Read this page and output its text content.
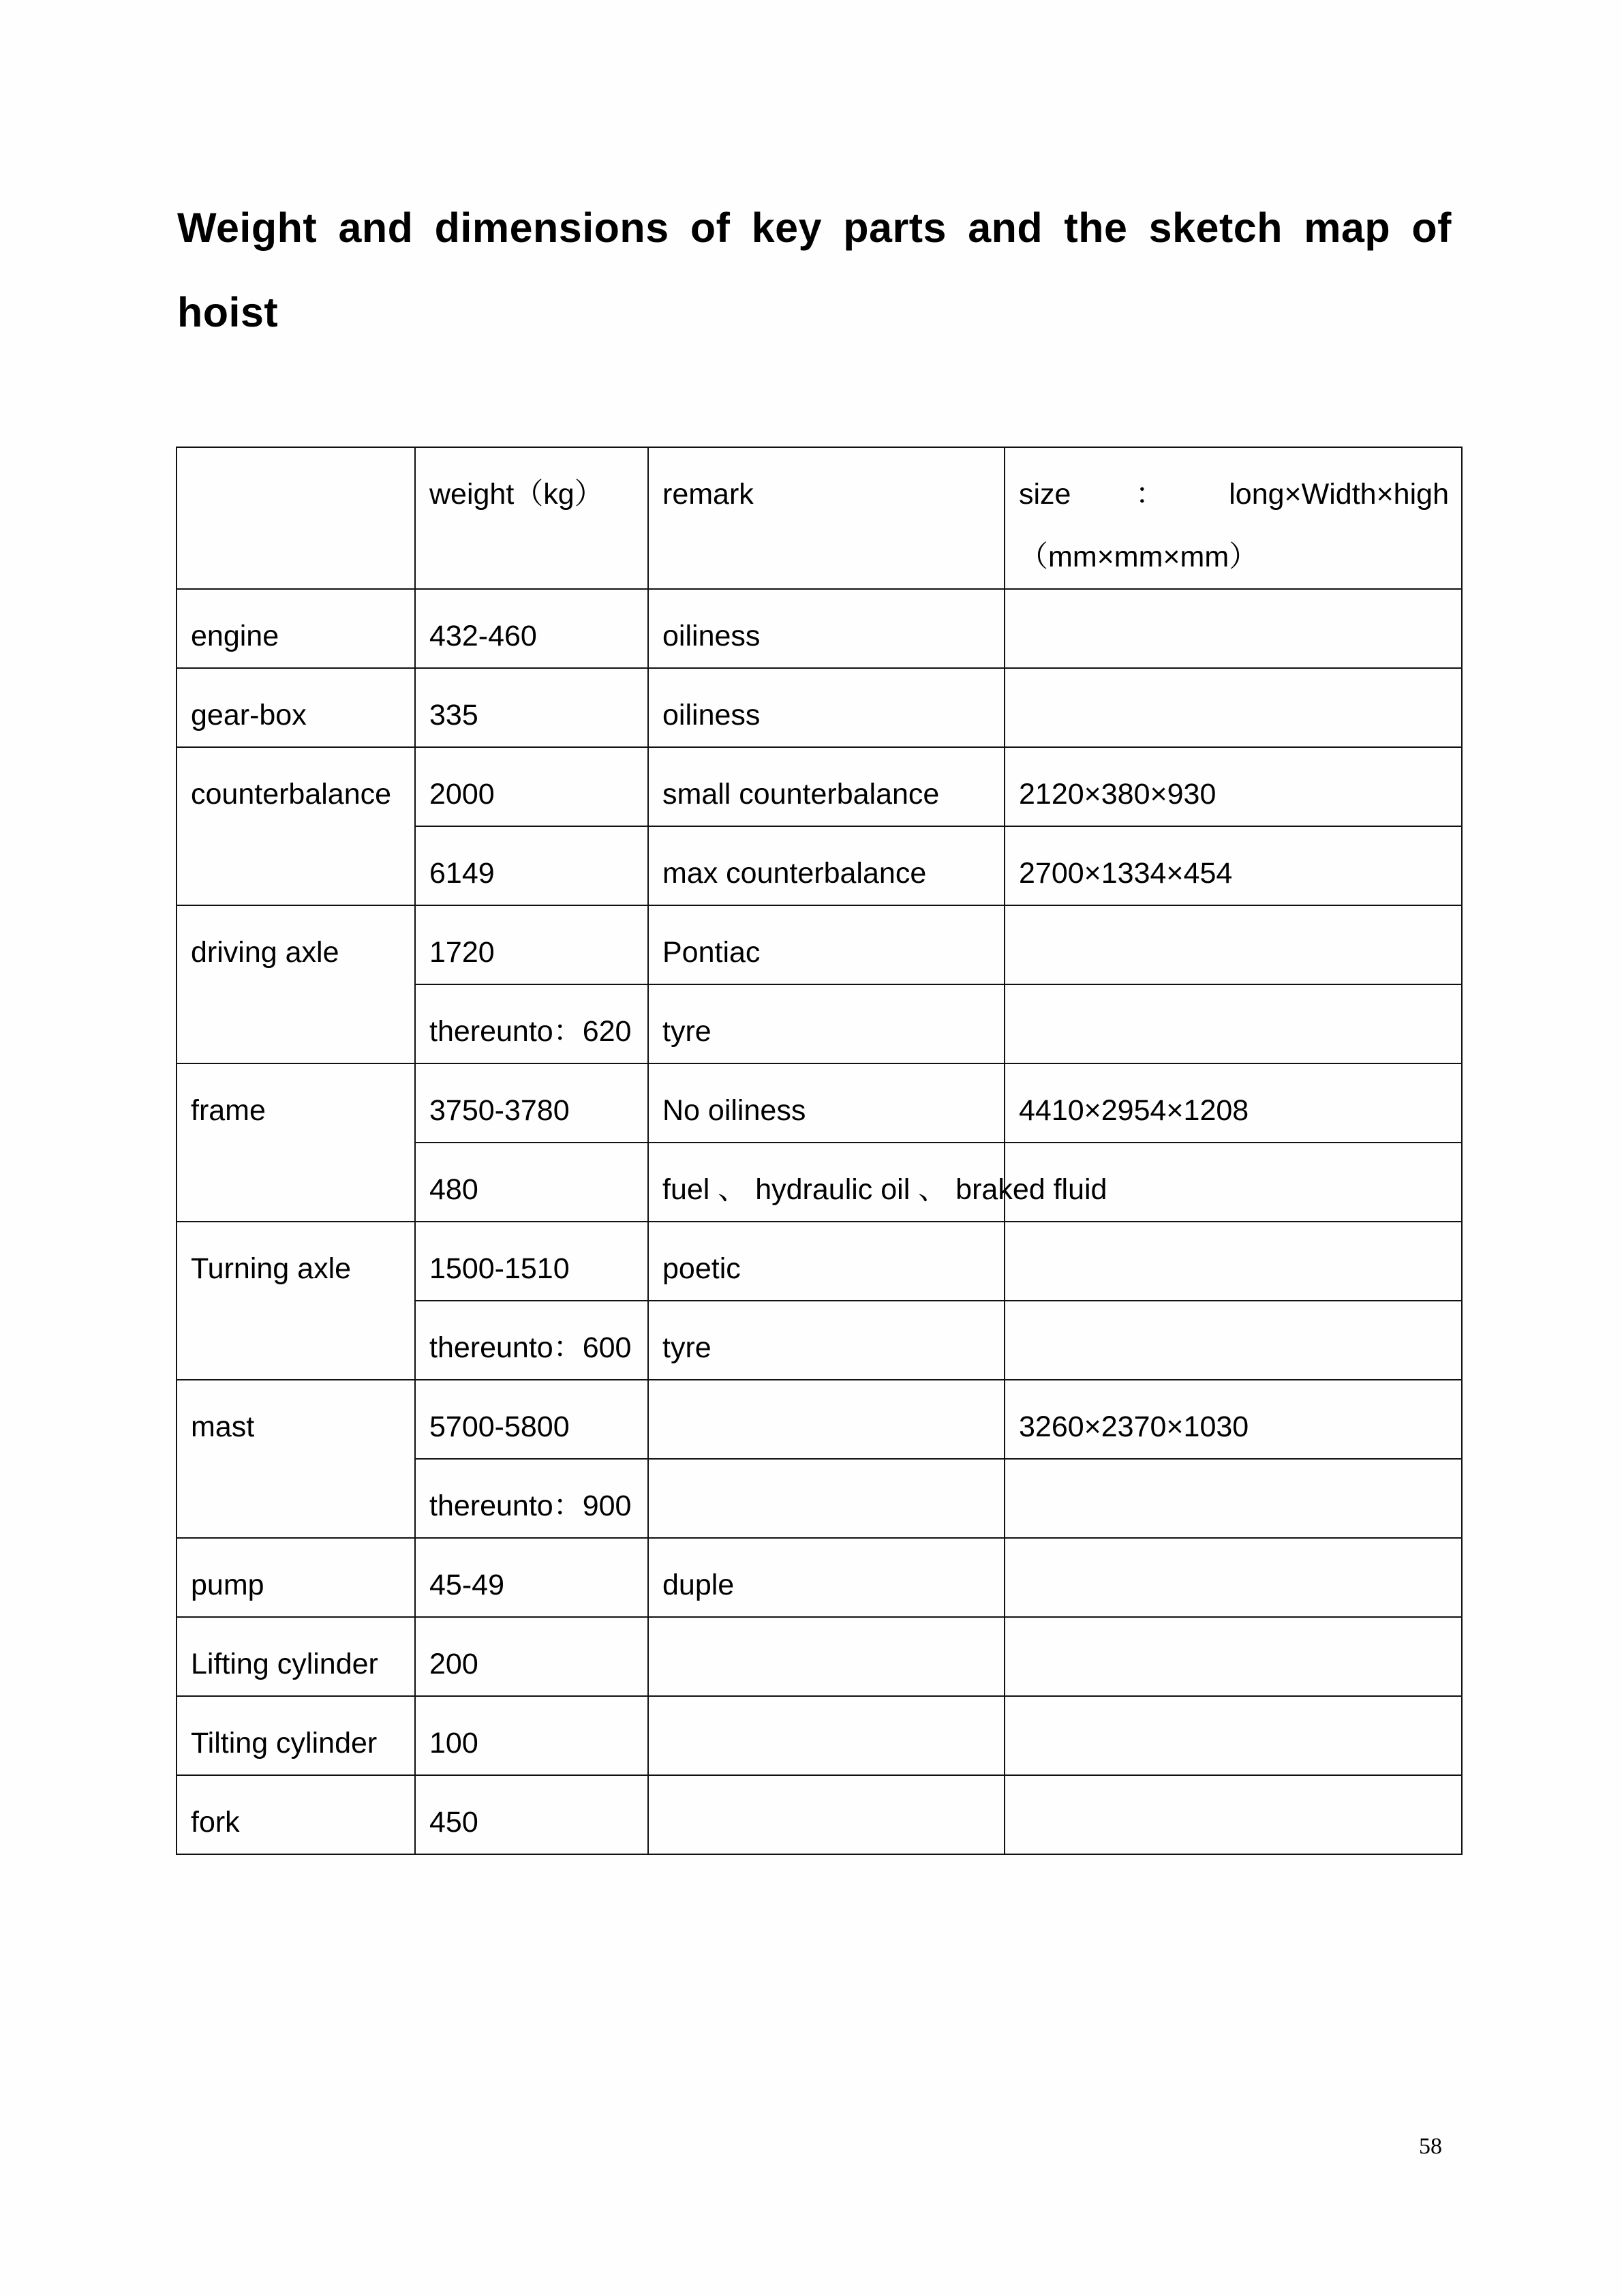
Weight and dimensions of key parts and the sketch map of hoist
	weight（kg）	remark	size ： long×Width×high
（mm×mm×mm）

engine	432-460	oiliness	
gear-box	335	oiliness	
counterbalance	2000	small counterbalance	2120×380×930
	6149	max counterbalance	2700×1334×454
driving axle	1720	Pontiac	
	thereunto：620	tyre	
frame	3750-3780	No oiliness	4410×2954×1208
	480	fuel 、 hydraulic oil 、 braked fluid	
Turning axle	1500-1510	poetic	
	thereunto：600	tyre	
mast	5700-5800		3260×2370×1030
	thereunto：900		
pump	45-49	duple	
Lifting cylinder	200		
Tilting cylinder	100		
fork	450		
58
